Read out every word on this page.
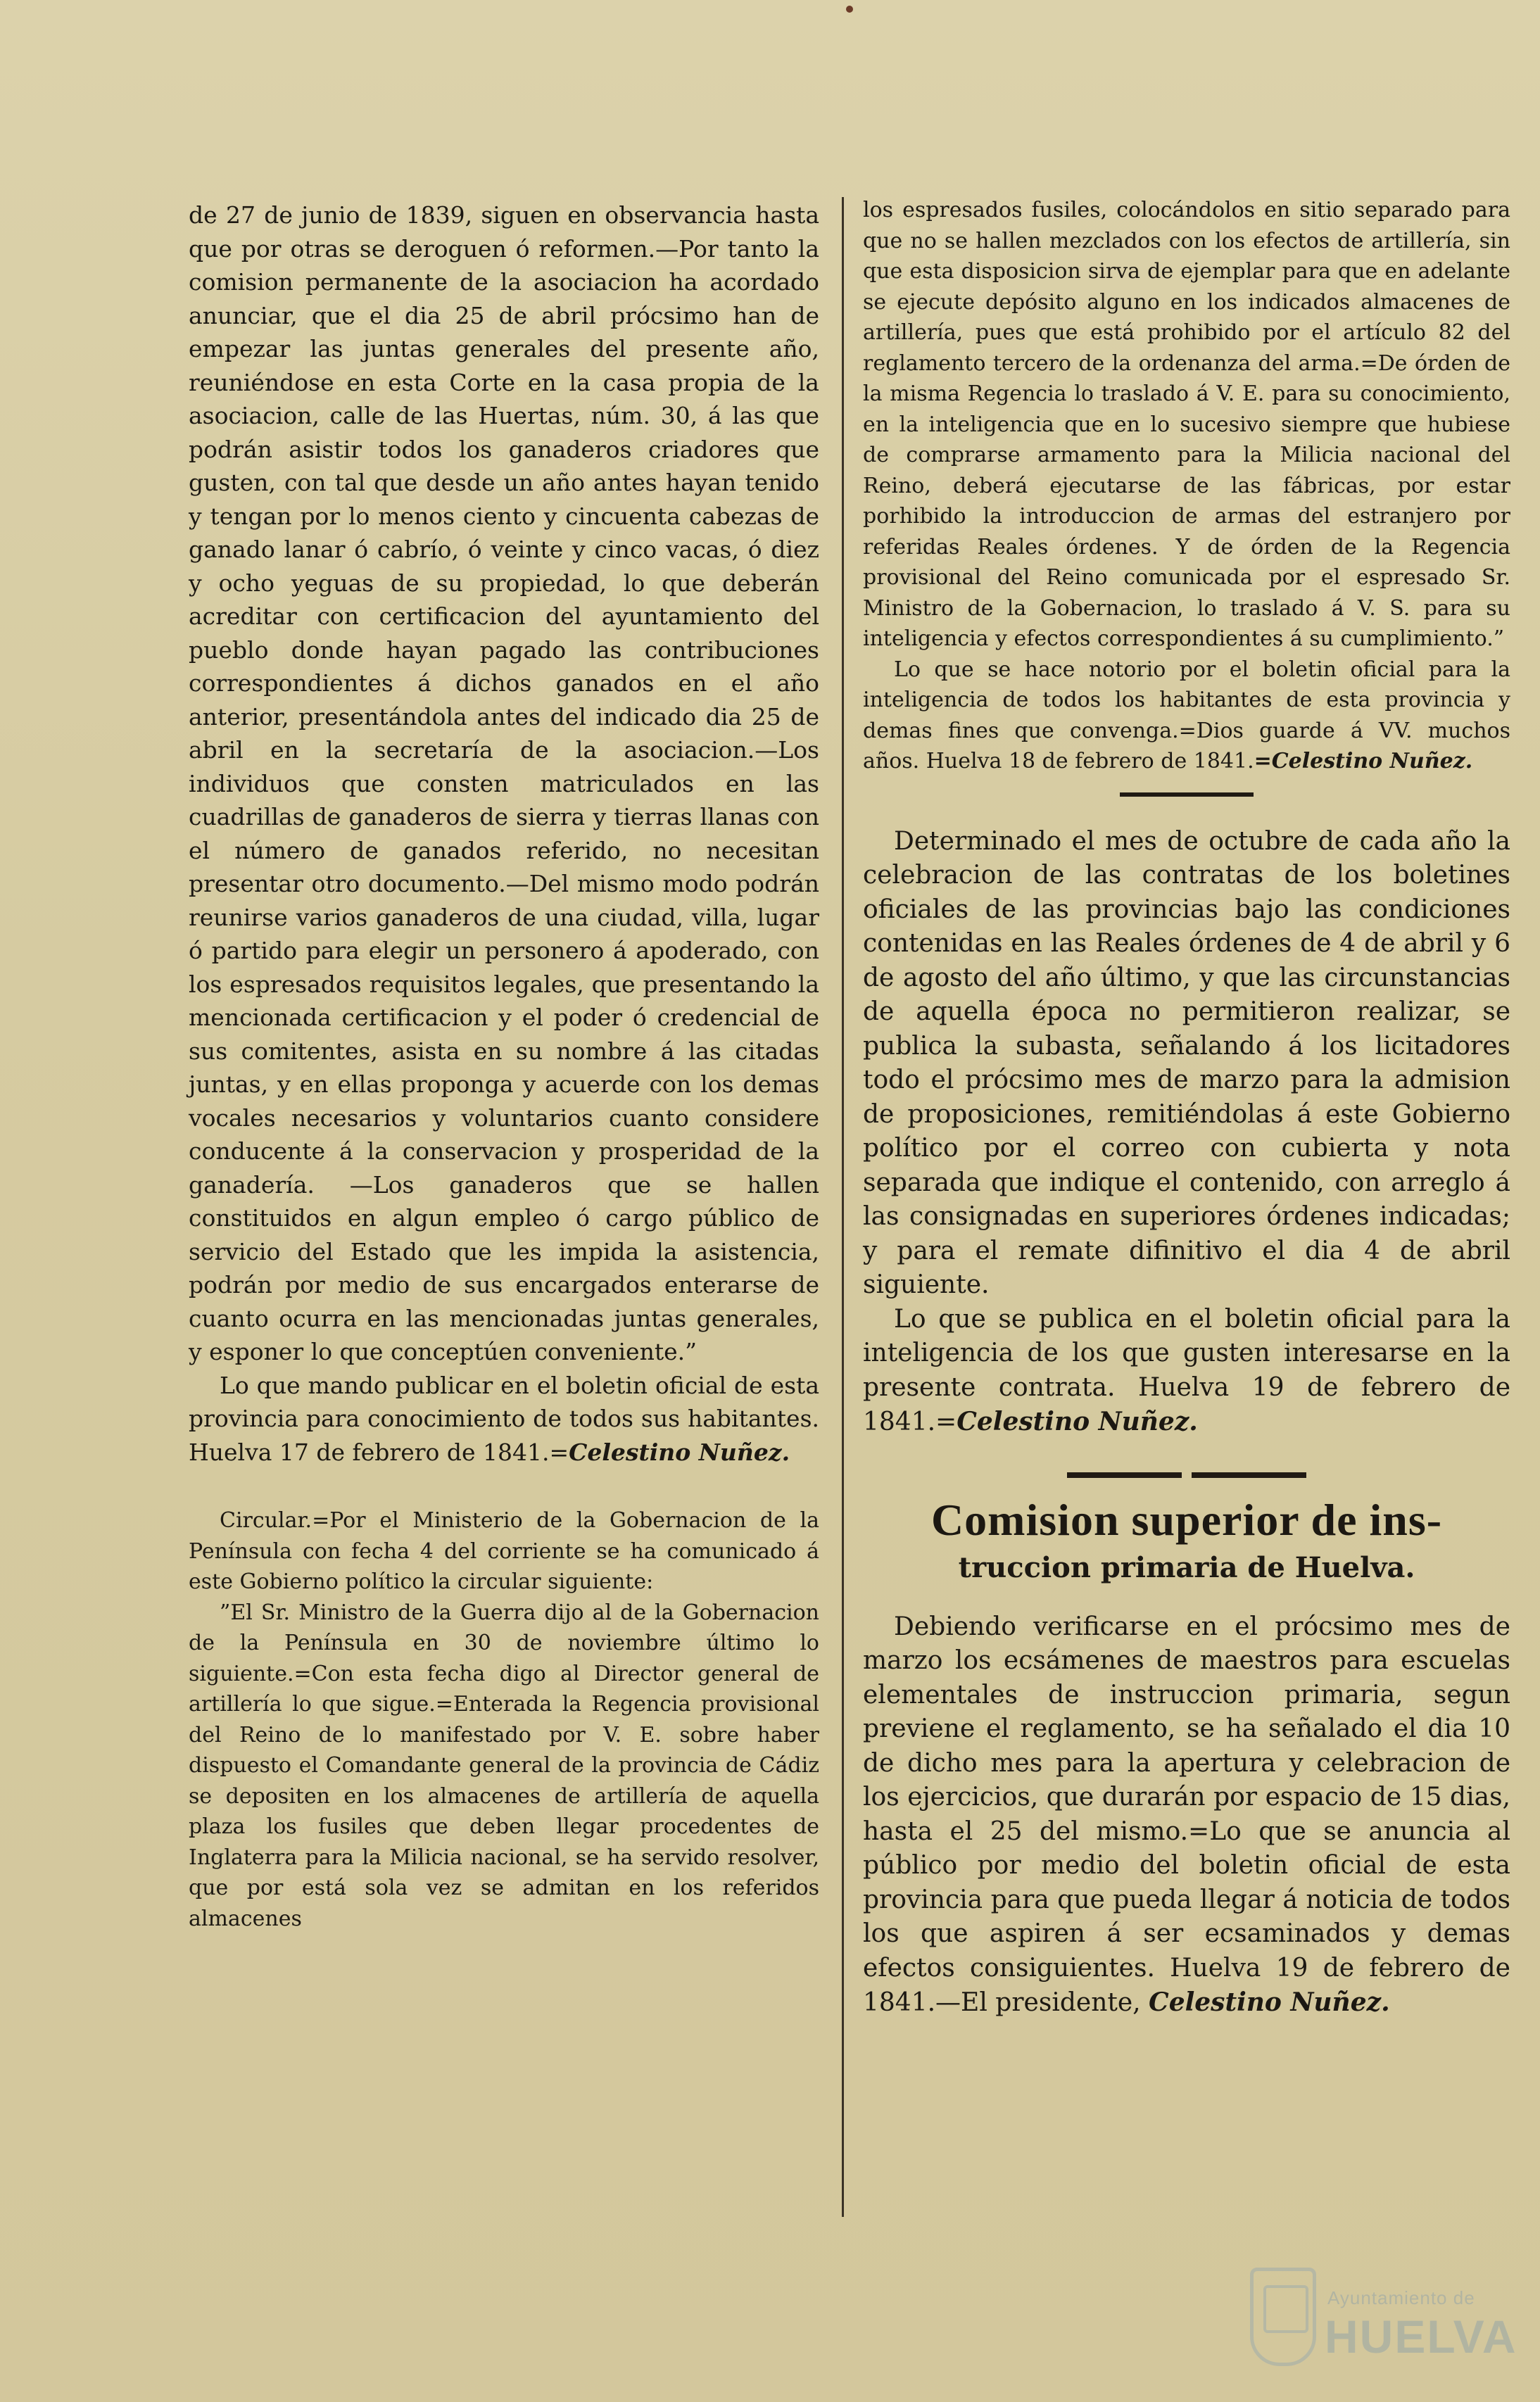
de 27 de junio de 1839, siguen en observancia hasta que por otras se deroguen ó reformen.—Por tanto la comision permanente de la asociacion ha acordado anunciar, que el dia 25 de abril prócsimo han de empezar las juntas generales del presente año, reuniéndose en esta Corte en la casa propia de la asociacion, calle de las Huertas, núm. 30, á las que podrán asistir todos los ganaderos criadores que gusten, con tal que desde un año antes hayan tenido y tengan por lo menos ciento y cincuenta cabezas de ganado lanar ó cabrío, ó veinte y cinco vacas, ó diez y ocho yeguas de su propiedad, lo que deberán acreditar con certificacion del ayuntamiento del pueblo donde hayan pagado las contribuciones correspondientes á dichos ganados en el año anterior, presentándola antes del indicado dia 25 de abril en la secretaría de la asociacion.—Los individuos que consten matriculados en las cuadrillas de ganaderos de sierra y tierras llanas con el número de ganados referido, no necesitan presentar otro documento.—Del mismo modo podrán reunirse varios ganaderos de una ciudad, villa, lugar ó partido para elegir un personero á apoderado, con los espresados requisitos legales, que presentando la mencionada certificacion y el poder ó credencial de sus comitentes, asista en su nombre á las citadas juntas, y en ellas proponga y acuerde con los demas vocales necesarios y voluntarios cuanto considere conducente á la conservacion y prosperidad de la ganadería. —Los ganaderos que se hallen constituidos en algun empleo ó cargo público de servicio del Estado que les impida la asistencia, podrán por medio de sus encargados enterarse de cuanto ocurra en las mencionadas juntas generales, y esponer lo que conceptúen conveniente.”

Lo que mando publicar en el boletin oficial de esta provincia para conocimiento de todos sus habitantes. Huelva 17 de febrero de 1841.=Celestino Nuñez.

Circular.=Por el Ministerio de la Gobernacion de la Península con fecha 4 del corriente se ha comunicado á este Gobierno político la circular siguiente:

”El Sr. Ministro de la Guerra dijo al de la Gobernacion de la Península en 30 de noviembre último lo siguiente.=Con esta fecha digo al Director general de artillería lo que sigue.=Enterada la Regencia provisional del Reino de lo manifestado por V. E. sobre haber dispuesto el Comandante general de la provincia de Cádiz se depositen en los almacenes de artillería de aquella plaza los fusiles que deben llegar procedentes de Inglaterra para la Milicia nacional, se ha servido resolver, que por está sola vez se admitan en los referidos almacenes

los espresados fusiles, colocándolos en sitio separado para que no se hallen mezclados con los efectos de artillería, sin que esta disposicion sirva de ejemplar para que en adelante se ejecute depósito alguno en los indicados almacenes de artillería, pues que está prohibido por el artículo 82 del reglamento tercero de la ordenanza del arma.=De órden de la misma Regencia lo traslado á V. E. para su conocimiento, en la inteligencia que en lo sucesivo siempre que hubiese de comprarse armamento para la Milicia nacional del Reino, deberá ejecutarse de las fábricas, por estar porhibido la introduccion de armas del estranjero por referidas Reales órdenes. Y de órden de la Regencia provisional del Reino comunicada por el espresado Sr. Ministro de la Gobernacion, lo traslado á V. S. para su inteligencia y efectos correspondientes á su cumplimiento.”

Lo que se hace notorio por el boletin oficial para la inteligencia de todos los habitantes de esta provincia y demas fines que convenga.=Dios guarde á VV. muchos años. Huelva 18 de febrero de 1841.=Celestino Nuñez.

Determinado el mes de octubre de cada año la celebracion de las contratas de los boletines oficiales de las provincias bajo las condiciones contenidas en las Reales órdenes de 4 de abril y 6 de agosto del año último, y que las circunstancias de aquella época no permitieron realizar, se publica la subasta, señalando á los licitadores todo el prócsimo mes de marzo para la admision de proposiciones, remitiéndolas á este Gobierno político por el correo con cubierta y nota separada que indique el contenido, con arreglo á las consignadas en superiores órdenes indicadas; y para el remate difinitivo el dia 4 de abril siguiente.

Lo que se publica en el boletin oficial para la inteligencia de los que gusten interesarse en la presente contrata. Huelva 19 de febrero de 1841.=Celestino Nuñez.

Comision superior de ins-
truccion primaria de Huelva.

Debiendo verificarse en el prócsimo mes de marzo los ecsámenes de maestros para escuelas elementales de instruccion primaria, segun previene el reglamento, se ha señalado el dia 10 de dicho mes para la apertura y celebracion de los ejercicios, que durarán por espacio de 15 dias, hasta el 25 del mismo.=Lo que se anuncia al público por medio del boletin oficial de esta provincia para que pueda llegar á noticia de todos los que aspiren á ser ecsaminados y demas efectos consiguientes. Huelva 19 de febrero de 1841.—El presidente, Celestino Nuñez.

Ayuntamiento de
HUELVA
